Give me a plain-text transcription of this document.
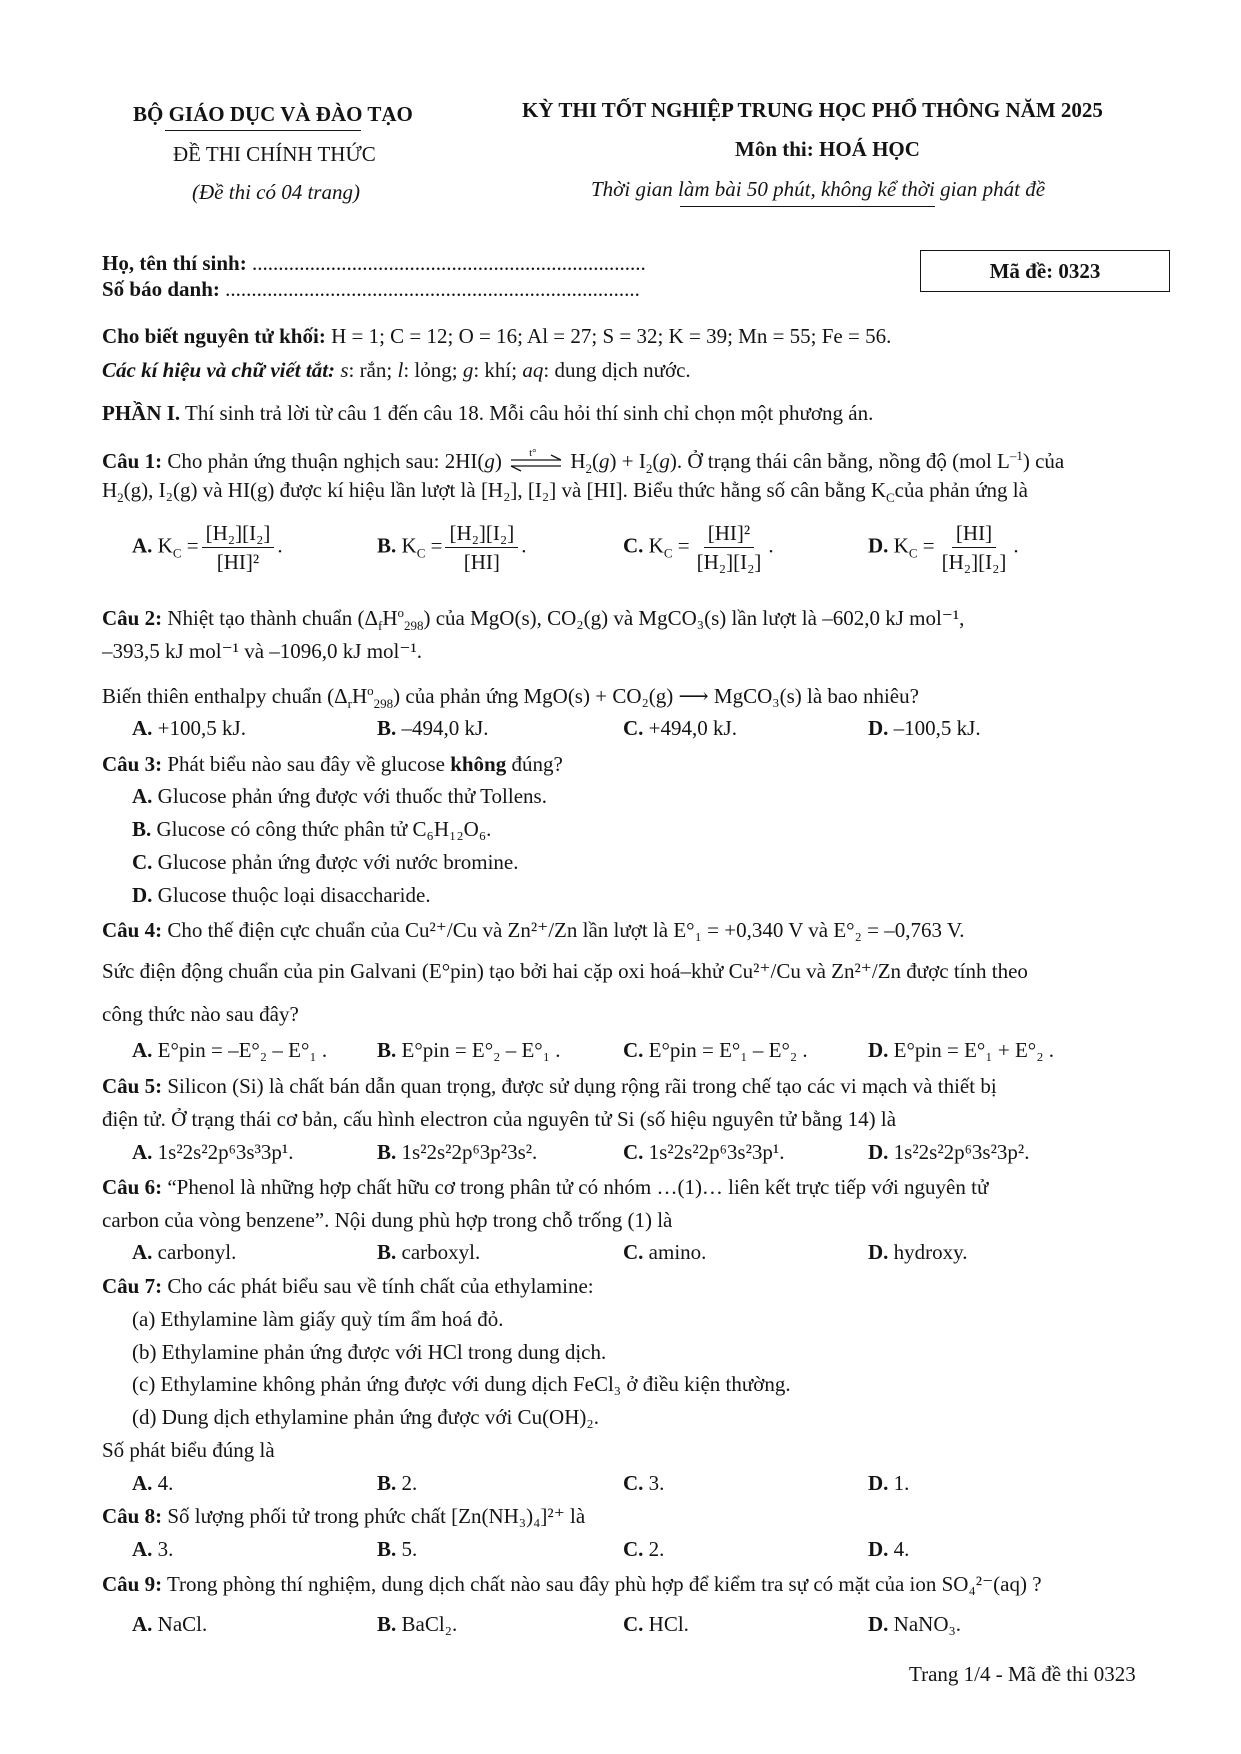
BỘ GIÁO DỤC VÀ ĐÀO TẠO
ĐỀ THI CHÍNH THỨC
(Đề thi có 04 trang)
KỲ THI TỐT NGHIỆP TRUNG HỌC PHỔ THÔNG NĂM 2025
Môn thi: HOÁ HỌC
Thời gian làm bài 50 phút, không kể thời gian phát đề
Họ, tên thí sinh: ...........................................................................
Số báo danh: ...............................................................................
Mã đề: 0323
Cho biết nguyên tử khối: H = 1; C = 12; O = 16; Al = 27; S = 32; K = 39; Mn = 55; Fe = 56.
Các kí hiệu và chữ viết tắt: s: rắn; l: lỏng; g: khí; aq: dung dịch nước.
PHẦN I. Thí sinh trả lời từ câu 1 đến câu 18. Mỗi câu hỏi thí sinh chỉ chọn một phương án.
Câu 1: Cho phản ứng thuận nghịch sau: 2HI(g) t° $H_2(g) + I_2(g)$. Ở trạng thái cân bằng, nồng độ (mol $L^{-1}$) của
$H_2(g)$, I₂(g) và HI(g) được kí hiệu lần lượt là [H₂], [I₂] và [HI]. Biểu thức hằng số cân bằng $K_Ccủa$ phản ứng là
A. $K_C = \frac{\text{[H₂][I₂]}}{\text{[HI]²}}$ .	B. $K_C = \frac{\text{[H₂][I₂]}}{[HI]}$ .	C. $K_C = \frac{\text{[HI]²}}{\text{[H₂][I₂]}}$ .	D. $K_C = \frac{[HI]}{\text{[H₂][I₂]}}$ .
Câu 2: Nhiệt tạo thành chuẩn $(\Delta_fH^o_{298})$ của MgO(s), CO₂(g) và MgCO₃(s) lần lượt là –602,0 kJ mol⁻¹,
–393,5 kJ mol⁻¹ và –1096,0 kJ mol⁻¹.
Biến thiên enthalpy chuẩn $(\Delta_rH^o_{298})$ của phản ứng MgO(s) + CO₂(g) ⟶ MgCO₃(s) là bao nhiêu?
A. +100,5 kJ.	B. –494,0 kJ.	C. +494,0 kJ.	D. –100,5 kJ.
Câu 3: Phát biểu nào sau đây về glucose không đúng?
A. Glucose phản ứng được với thuốc thử Tollens.
B. Glucose có công thức phân tử C₆H₁₂O₆.
C. Glucose phản ứng được với nước bromine.
D. Glucose thuộc loại disaccharide.
Câu 4: Cho thế điện cực chuẩn của Cu²⁺/Cu và Zn²⁺/Zn lần lượt là E°₁ = +0,340 V và E°₂ = –0,763 V.
Sức điện động chuẩn của pin Galvani (E°pin) tạo bởi hai cặp oxi hoá–khử Cu²⁺/Cu và Zn²⁺/Zn được tính theo
công thức nào sau đây?
A. E°pin = –E°₂ – E°₁ . B. E°pin = E°₂ – E°₁ .	C. E°pin = E°₁ – E°₂ .	D. E°pin = E°₁ + E°₂ .
Câu 5: Silicon (Si) là chất bán dẫn quan trọng, được sử dụng rộng rãi trong chế tạo các vi mạch và thiết bị
điện tử. Ở trạng thái cơ bản, cấu hình electron của nguyên tử Si (số hiệu nguyên tử bằng 14) là
A. 1s²2s²2p⁶3s³3p¹.	B. 1s²2s²2p⁶3p²3s².	C. 1s²2s²2p⁶3s²3p¹.	D. 1s²2s²2p⁶3s²3p².
Câu 6: “Phenol là những hợp chất hữu cơ trong phân tử có nhóm …(1)… liên kết trực tiếp với nguyên tử
carbon của vòng benzene”. Nội dung phù hợp trong chỗ trống (1) là
A. carbonyl.	B. carboxyl.	C. amino.	D. hydroxy.
Câu 7: Cho các phát biểu sau về tính chất của ethylamine:
(a) Ethylamine làm giấy quỳ tím ẩm hoá đỏ.
(b) Ethylamine phản ứng được với HCl trong dung dịch.
(c) Ethylamine không phản ứng được với dung dịch FeCl₃ ở điều kiện thường.
(d) Dung dịch ethylamine phản ứng được với Cu(OH)₂.
Số phát biểu đúng là
A. 4.	B. 2.	C. 3.	D. 1.
Câu 8: Số lượng phối tử trong phức chất [Zn(NH₃)₄]²⁺ là
A. 3.	B. 5.	C. 2.	D. 4.
Câu 9: Trong phòng thí nghiệm, dung dịch chất nào sau đây phù hợp để kiểm tra sự có mặt của ion SO₄²⁻(aq) ?
A. NaCl.	B. BaCl₂.	C. HCl.	D. NaNO₃.
Trang 1/4 - Mã đề thi 0323
